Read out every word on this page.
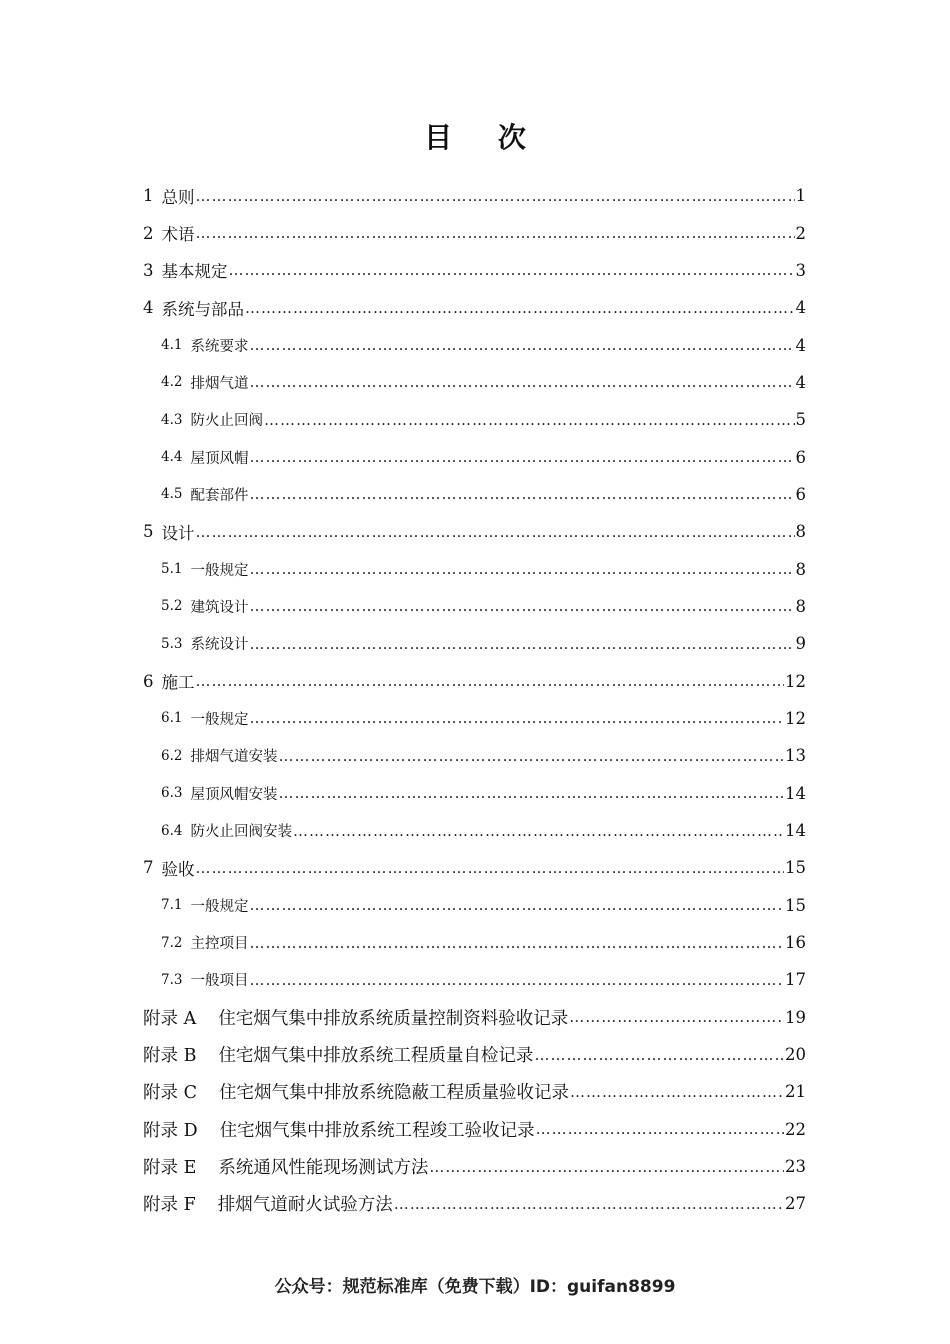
目 次
1 总则 ………………………………………………………………………………………………………………………………………………………………	1
2 术语 ………………………………………………………………………………………………………………………………………………………………	2
3 基本规定 ………………………………………………………………………………………………………………………………………………………………	3
4 系统与部品 ………………………………………………………………………………………………………………………………………………………………	4
4.1 系统要求 ………………………………………………………………………………………………………………………………………………………………	4
4.2 排烟气道 ………………………………………………………………………………………………………………………………………………………………	4
4.3 防火止回阀 ………………………………………………………………………………………………………………………………………………………………	5
4.4 屋顶风帽 ………………………………………………………………………………………………………………………………………………………………	6
4.5 配套部件 ………………………………………………………………………………………………………………………………………………………………	6
5 设计 ………………………………………………………………………………………………………………………………………………………………	8
5.1 一般规定 ………………………………………………………………………………………………………………………………………………………………	8
5.2 建筑设计 ………………………………………………………………………………………………………………………………………………………………	8
5.3 系统设计 ………………………………………………………………………………………………………………………………………………………………	9
6 施工 ………………………………………………………………………………………………………………………………………………………………	12
6.1 一般规定 ………………………………………………………………………………………………………………………………………………………………	12
6.2 排烟气道安装 ………………………………………………………………………………………………………………………………………………………………	13
6.3 屋顶风帽安装 ………………………………………………………………………………………………………………………………………………………………	14
6.4 防火止回阀安装 ………………………………………………………………………………………………………………………………………………………………	14
7 验收 ………………………………………………………………………………………………………………………………………………………………	15
7.1 一般规定 ………………………………………………………………………………………………………………………………………………………………	15
7.2 主控项目 ………………………………………………………………………………………………………………………………………………………………	16
7.3 一般项目 ………………………………………………………………………………………………………………………………………………………………	17
附录 A 住宅烟气集中排放系统质量控制资料验收记录 ………………………………………………………………………………………………………………………………………………………………	19
附录 B 住宅烟气集中排放系统工程质量自检记录 ………………………………………………………………………………………………………………………………………………………………	20
附录 C 住宅烟气集中排放系统隐蔽工程质量验收记录 ………………………………………………………………………………………………………………………………………………………………	21
附录 D 住宅烟气集中排放系统工程竣工验收记录 ………………………………………………………………………………………………………………………………………………………………	22
附录 E 系统通风性能现场测试方法 ………………………………………………………………………………………………………………………………………………………………	23
附录 F 排烟气道耐火试验方法 ………………………………………………………………………………………………………………………………………………………………	27
公众号：规范标准库（免费下载）ID：guifan8899
